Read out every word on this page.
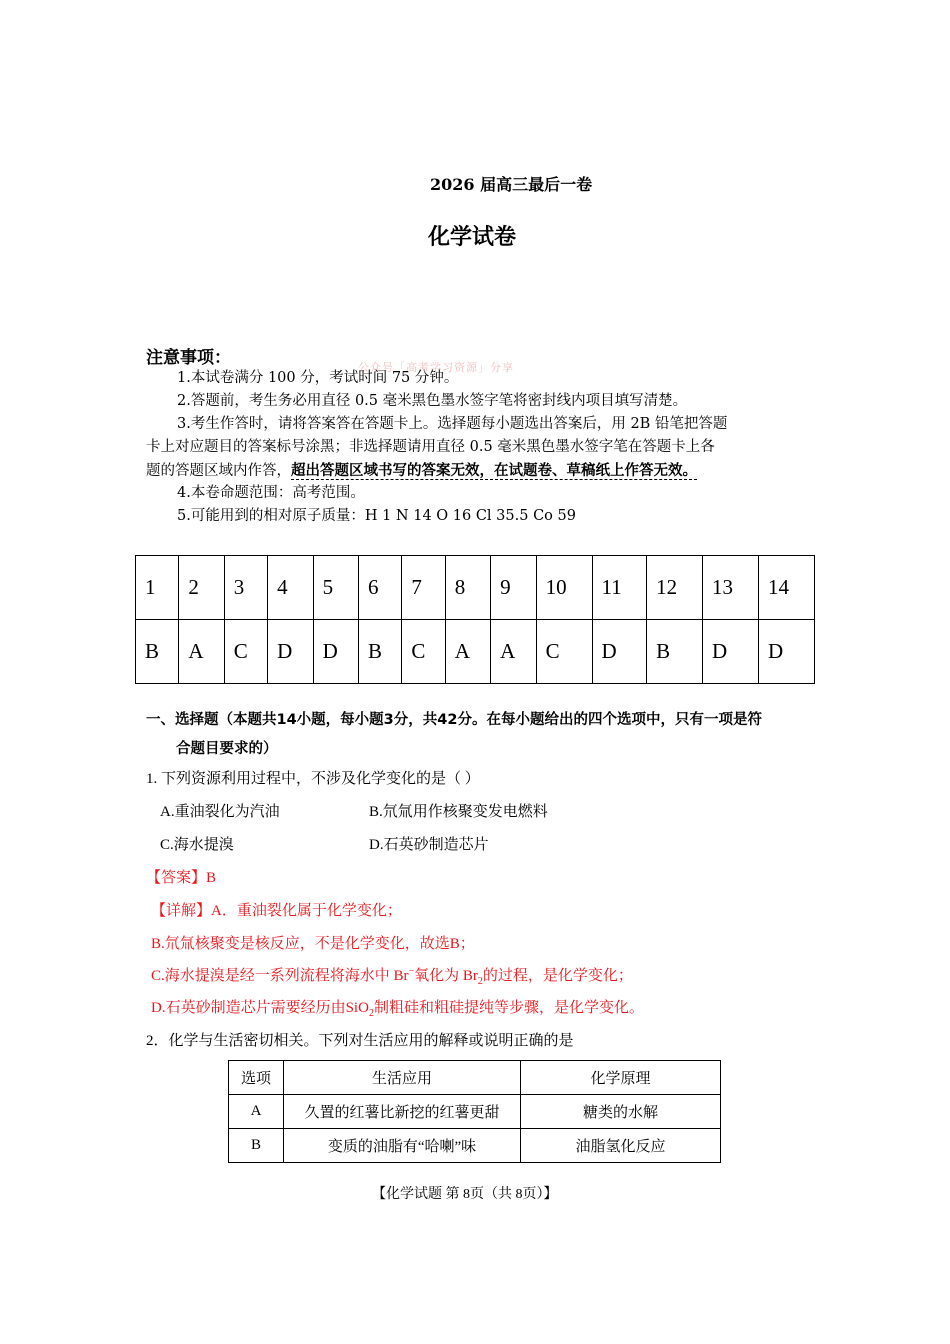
2026 届高三最后一卷
化学试卷
注意事项：	公众号「高考学习资源」分享
1.本试卷满分 100 分，考试时间 75 分钟。
2.答题前，考生务必用直径 0.5 毫米黑色墨水签字笔将密封线内项目填写清楚。
3.考生作答时，请将答案答在答题卡上。选择题每小题选出答案后，用 2B 铅笔把答题
卡上对应题目的答案标号涂黑；非选择题请用直径 0.5 毫米黑色墨水签字笔在答题卡上各
题的答题区域内作答，超出答题区域书写的答案无效，在试题卷、草稿纸上作答无效。
4.本卷命题范围：高考范围。
5.可能用到的相对原子质量：H 1 N 14 O 16 Cl 35.5 Co 59
1	2	3	4	5	6	7	8	9	10	11	12	13	14
B	A	C	D	D	B	C	A	A	C	D	B	D	D
一、选择题（本题共14小题，每小题3分，共42分。在每小题给出的四个选项中，只有一项是符
合题目要求的）
1. 下列资源利用过程中，不涉及化学变化的是（ ）
A.重油裂化为汽油	B.氘氚用作核聚变发电燃料
C.海水提溴	D.石英砂制造芯片
【答案】B
【详解】A．重油裂化属于化学变化；
B.氘氚核聚变是核反应，不是化学变化，故选B；
C.海水提溴是经一系列流程将海水中 Br−氧化为 $Br_2$的过程，是化学变化；
D.石英砂制造芯片需要经历由SiO$_2$制粗硅和粗硅提纯等步骤，是化学变化。
2．化学与生活密切相关。下列对生活应用的解释或说明正确的是
选项	生活应用	化学原理
A	久置的红薯比新挖的红薯更甜	糖类的水解
B	变质的油脂有“哈喇”味	油脂氢化反应
【化学试题 第 8页（共 8页）】
